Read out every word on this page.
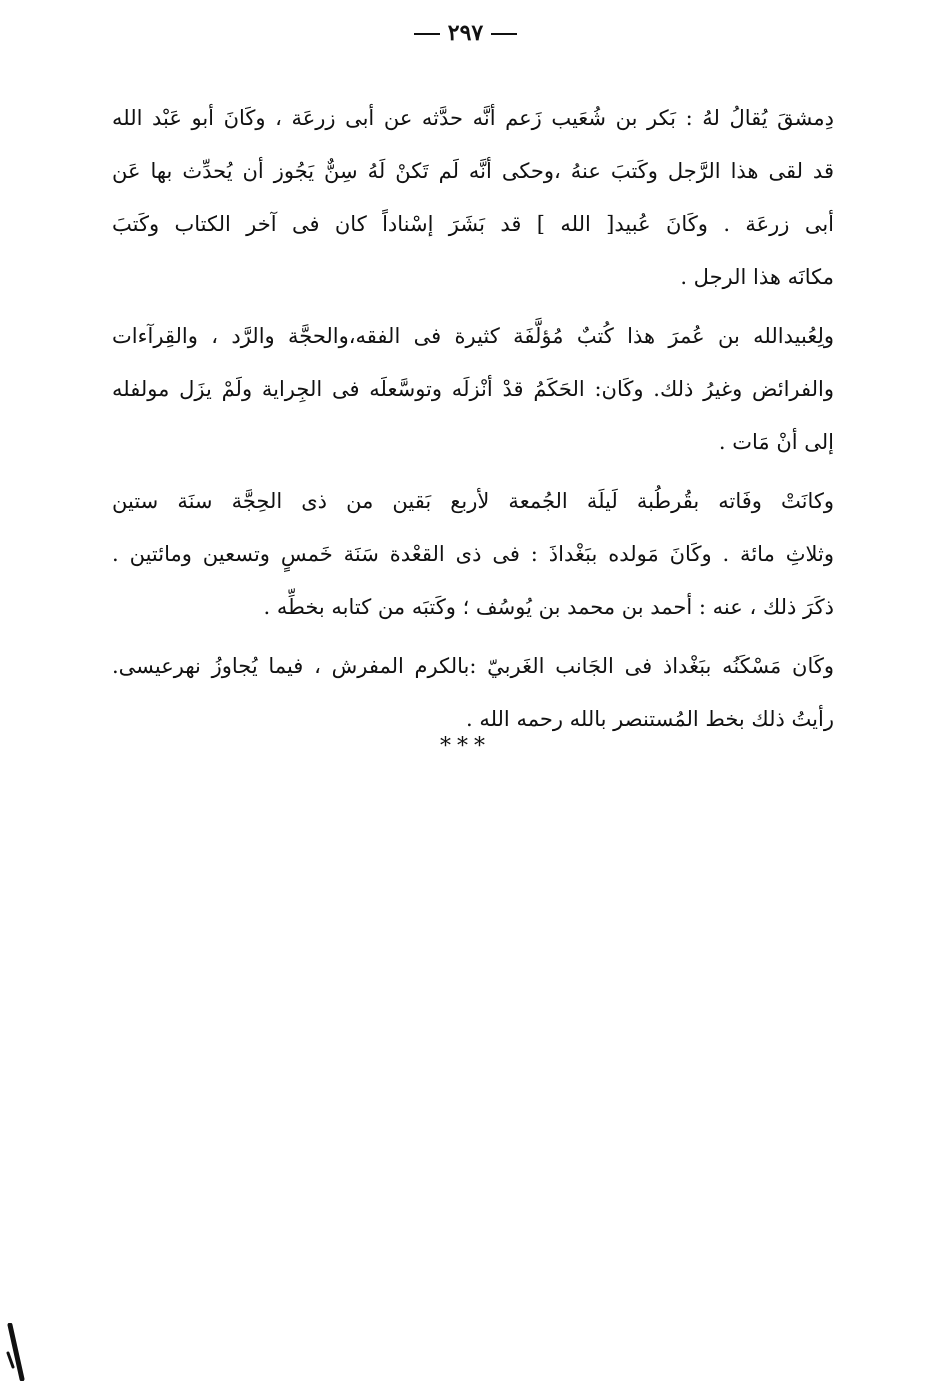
٢٩٧

دِمشقَ يُقالُ لهُ : بَكر بن شُعَيب زَعم أنَّه حدَّثه عن أبى زرعَة ، وكَانَ أبو عَبْد الله
قد لقى هذا الرَّجل وكَتبَ عنهُ ،وحكى أنَّه لَم تَكنْ لَهُ سِنٌّ يَجُوز أن يُحدِّث بها عَن
أبى زرعَة . وكَانَ عُبيد[ الله ] قد بَشَرَ إسْناداً كان فى آخر الكتاب وكَتبَ
مكانَه هذا الرجل .

ولِعُبيدالله بن عُمرَ هذا كُتبٌ مُؤلَّفَة كثيرة فى الفقه،والحجَّة والرَّد ، والقِرآءات
والفرائض وغيرُ ذلك. وكَان: الحَكَمُ قدْ أنْزلَه وتوسَّعلَه فى الجِراية ولَمْ يزَل مولفله
إلى أنْ مَات .

وكانَتْ وفَاته بقُرطُبة لَيلَة الجُمعة لأربع بَقين من ذى الحِجَّة سنَة ستين
وثلاثِ مائة . وكَانَ مَولده ببَغْداذَ : فى ذى القعْدة سَنَة خَمسٍ وتسعين ومائتين .
ذكَرَ ذلك ، عنه : أحمد بن محمد بن يُوسُف ؛ وكَتبَه من كتابه بخطِّه .

وكَان مَسْكَنُه ببَغْداذ فى الجَانب الغَربيّ :بالكرم المفرش ، فيما يُجاوزُ نهرعيسى.
رأيتُ ذلك بخط المُستنصر بالله رحمه الله .

***
